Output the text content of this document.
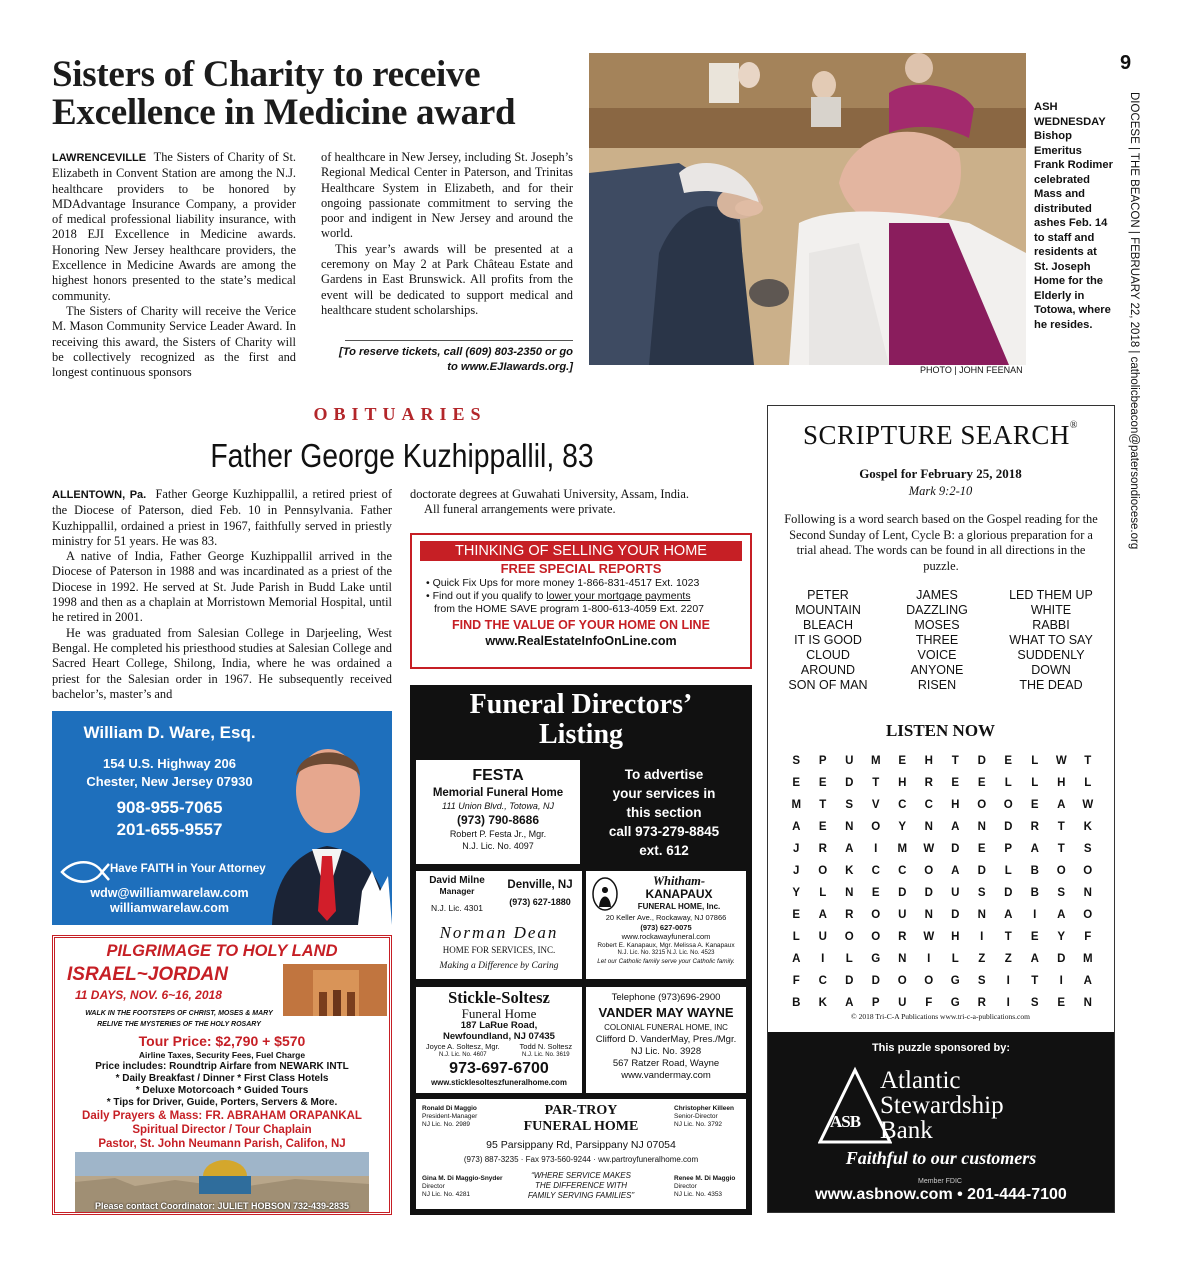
9
DIOCESE | THE BEACON | FEBRUARY 22, 2018 | catholicbeacon@patersondiocese.org
Sisters of Charity to receive
Excellence in Medicine award

LAWRENCEVILLE The Sisters of Charity of St. Elizabeth in Convent Station are among the N.J. healthcare providers to be honored by MDAdvantage Insurance Company, a provider of medical professional liability insurance, with 2018 EJI Excellence in Medicine awards. Honoring New Jersey healthcare providers, the Excellence in Medicine Awards are among the highest honors presented to the state’s medical community.

The Sisters of Charity will receive the Verice M. Mason Community Service Leader Award. In receiving this award, the Sisters of Charity will be collectively recognized as the first and longest continuous sponsors

of healthcare in New Jersey, including St. Joseph’s Regional Medical Center in Paterson, and Trinitas Healthcare System in Elizabeth, and for their ongoing passionate commitment to serving the poor and indigent in New Jersey and around the world.

This year’s awards will be presented at a ceremony on May 2 at Park Château Estate and Gardens in East Brunswick. All profits from the event will be dedicated to support medical and healthcare student scholarships.

[To reserve tickets, call (609) 803-2350 or go to www.EJIawards.org.]
ASH WEDNESDAY
Bishop Emeritus Frank Rodimer celebrated Mass and distributed ashes Feb. 14 to staff and residents at St. Joseph Home for the Elderly in Totowa, where he resides.
PHOTO | JOHN FEENAN
OBITUARIES
Father George Kuzhippallil, 83

ALLENTOWN, Pa. Father George Kuzhippallil, a retired priest of the Diocese of Paterson, died Feb. 10 in Pennsylvania. Father Kuzhippallil, ordained a priest in 1967, faithfully served in priestly ministry for 51 years. He was 83.

A native of India, Father George Kuzhippallil arrived in the Diocese of Paterson in 1988 and was incardinated as a priest of the Diocese in 1992. He served at St. Jude Parish in Budd Lake until 1998 and then as a chaplain at Morristown Memorial Hospital, until he retired in 2001.

He was graduated from Salesian College in Darjeeling, West Bengal. He completed his priesthood studies at Salesian College and Sacred Heart College, Shilong, India, where he was ordained a priest for the Salesian order in 1967. He subsequently received bachelor’s, master’s and

doctorate degrees at Guwahati University, Assam, India.

All funeral arrangements were private.

THINKING OF SELLING YOUR HOME
FREE SPECIAL REPORTS
• Quick Fix Ups for more money 1-866-831-4517 Ext. 1023
• Find out if you qualify to lower your mortgage payments
from the HOME SAVE program 1-800-613-4059 Ext. 2207
FIND THE VALUE OF YOUR HOME ON LINE
www.RealEstateInfoOnLine.com
William D. Ware, Esq.
154 U.S. Highway 206
Chester, New Jersey 07930
908-955-7065
201-655-9557
Have FAITH in Your Attorney
wdw@williamwarelaw.com
williamwarelaw.com
PILGRIMAGE TO HOLY LAND
ISRAEL~JORDAN
11 DAYS, NOV. 6~16, 2018
WALK IN THE FOOTSTEPS OF CHRIST, MOSES & MARY
RELIVE THE MYSTERIES OF THE HOLY ROSARY
Tour Price: $2,790 + $570
Airline Taxes, Security Fees, Fuel Charge
Price includes: Roundtrip Airfare from NEWARK INTL
* Daily Breakfast / Dinner * First Class Hotels
* Deluxe Motorcoach * Guided Tours
* Tips for Driver, Guide, Porters, Servers & More.
Daily Prayers & Mass: FR. ABRAHAM ORAPANKAL
Spiritual Director / Tour Chaplain
Pastor, St. John Neumann Parish, Califon, NJ
Please contact Coordinator: JULIET HOBSON 732-439-2835
Funeral Directors’
Listing
FESTA
Memorial Funeral Home
111 Union Blvd., Totowa, NJ
(973) 790-8686
Robert P. Festa Jr., Mgr.
N.J. Lic. No. 4097
To advertise
your services in
this section
call 973-279-8845
ext. 612
David Milne
Manager
N.J. Lic. 4301
Denville, NJ
(973) 627-1880
Norman Dean
HOME FOR SERVICES, INC.
Making a Difference by Caring
Whitham-
KANAPAUX
FUNERAL HOME, Inc.
20 Keller Ave., Rockaway, NJ 07866
(973) 627-0075
www.rockawayfuneral.com
Robert E. Kanapaux, Mgr. Melissa A. Kanapaux
N.J. Lic. No. 3215 N.J. Lic. No. 4523
Let our Catholic family serve your Catholic family.
Stickle-Soltesz
Funeral Home
187 LaRue Road,
Newfoundland, NJ 07435
Joyce A. Soltesz, Mgr.
N.J. Lic. No. 4607
Todd N. Soltesz
N.J. Lic. No. 3619
973-697-6700
www.sticklesolteszfuneralhome.com
Telephone (973)696-2900
VANDER MAY WAYNE
COLONIAL FUNERAL HOME, INC
Clifford D. VanderMay, Pres./Mgr.
NJ Lic. No. 3928
567 Ratzer Road, Wayne
www.vandermay.com
Ronald Di Maggio
President-Manager
NJ Lic. No. 2989
Christopher Killeen
Senior-Director
NJ Lic. No. 3792
PAR-TROY
FUNERAL HOME
95 Parsippany Rd, Parsippany NJ 07054
(973) 887-3235 · Fax 973-560-9244 · ww.partroyfuneralhome.com
Gina M. Di Maggio-Snyder
Director
NJ Lic. No. 4281
“WHERE SERVICE MAKES
THE DIFFERENCE WITH
FAMILY SERVING FAMILIES”
Renee M. Di Maggio
Director
NJ Lic. No. 4353
SCRIPTURE SEARCH®
Gospel for February 25, 2018
Mark 9:2-10
Following is a word search based on the Gospel reading for the Second Sunday of Lent, Cycle B: a glorious preparation for a trial ahead. The words can be found in all directions in the puzzle.
PETER
MOUNTAIN
BLEACH
IT IS GOOD
CLOUD
AROUND
SON OF MAN
JAMES
DAZZLING
MOSES
THREE
VOICE
ANYONE
RISEN
LED THEM UP
WHITE
RABBI
WHAT TO SAY
SUDDENLY
DOWN
THE DEAD
LISTEN NOW
S	P	U	M	E	H	T	D	E	L	W	T
E	E	D	T	H	R	E	E	L	L	H	L
M	T	S	V	C	C	H	O	O	E	A	W
A	E	N	O	Y	N	A	N	D	R	T	K
J	R	A	I	M	W	D	E	P	A	T	S
J	O	K	C	C	O	A	D	L	B	O	O
Y	L	N	E	D	D	U	S	D	B	S	N
E	A	R	O	U	N	D	N	A	I	A	O
L	U	O	O	R	W	H	I	T	E	Y	F
A	I	L	G	N	I	L	Z	Z	A	D	M
F	C	D	D	O	O	G	S	I	T	I	A
B	K	A	P	U	F	G	R	I	S	E	N
© 2018 Tri-C-A Publications www.tri-c-a-publications.com
This puzzle sponsored by:
ASB
Atlantic
Stewardship
Bank
Faithful to our customers
www.asbnow.com • 201-444-7100
Member FDIC
